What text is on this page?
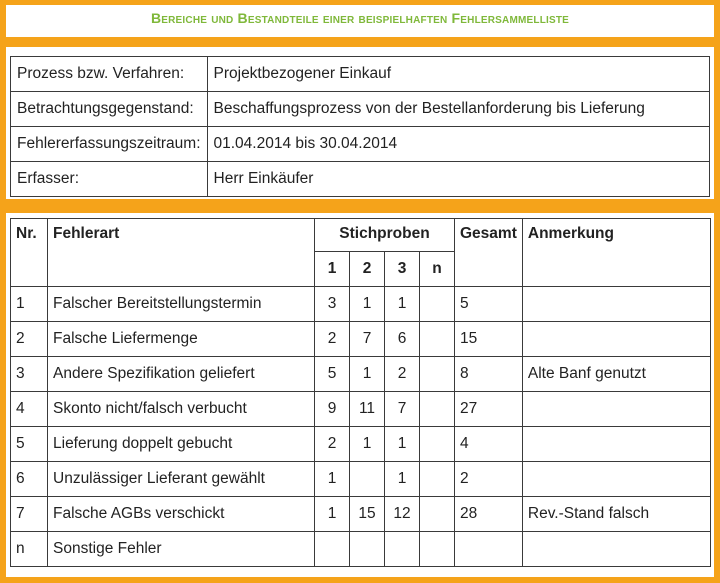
Bereiche und Bestandteile einer beispielhaften Fehlersammelliste
Prozess bzw. Verfahren:	Projektbezogener Einkauf
Betrachtungsgegenstand:	Beschaffungsprozess von der Bestellanforderung bis Lieferung
Fehlererfassungszeitraum:	01.04.2014 bis 30.04.2014
Erfasser:	Herr Einkäufer
Nr.	Fehlerart	Stichproben				Gesamt	Anmerkung
		1	2	3	n		
1	Falscher Bereitstellungstermin	3	1	1		5	
2	Falsche Liefermenge	2	7	6		15	
3	Andere Spezifikation geliefert	5	1	2		8	Alte Banf genutzt
4	Skonto nicht/falsch verbucht	9	11	7		27	
5	Lieferung doppelt gebucht	2	1	1		4	
6	Unzulässiger Lieferant gewählt	1		1		2	
7	Falsche AGBs verschickt	1	15	12		28	Rev.-Stand falsch
n	Sonstige Fehler						
